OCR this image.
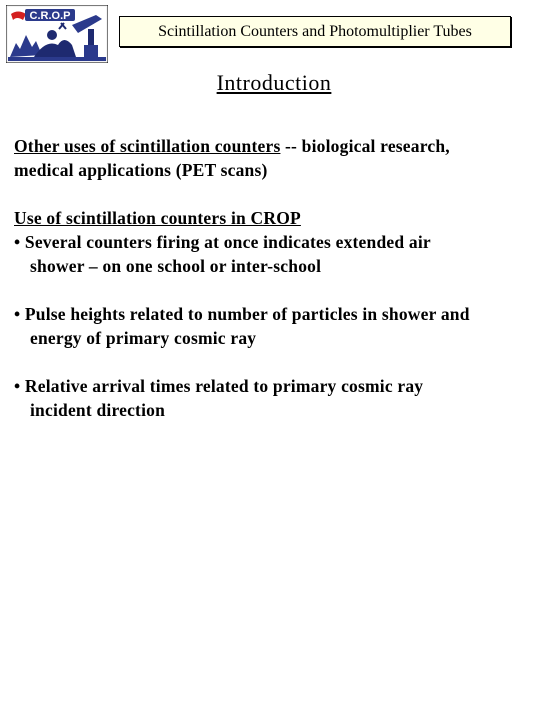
C.R.O.P
Scintillation Counters and Photomultiplier Tubes
Introduction
Other uses of scintillation counters -- biological research,
medical applications (PET scans)
Use of scintillation counters in CROP
• Several counters firing at once indicates extended air

shower – on one school or inter-school
• Pulse heights related to number of particles in shower and

energy of primary cosmic ray
• Relative arrival times related to primary cosmic ray

incident direction
